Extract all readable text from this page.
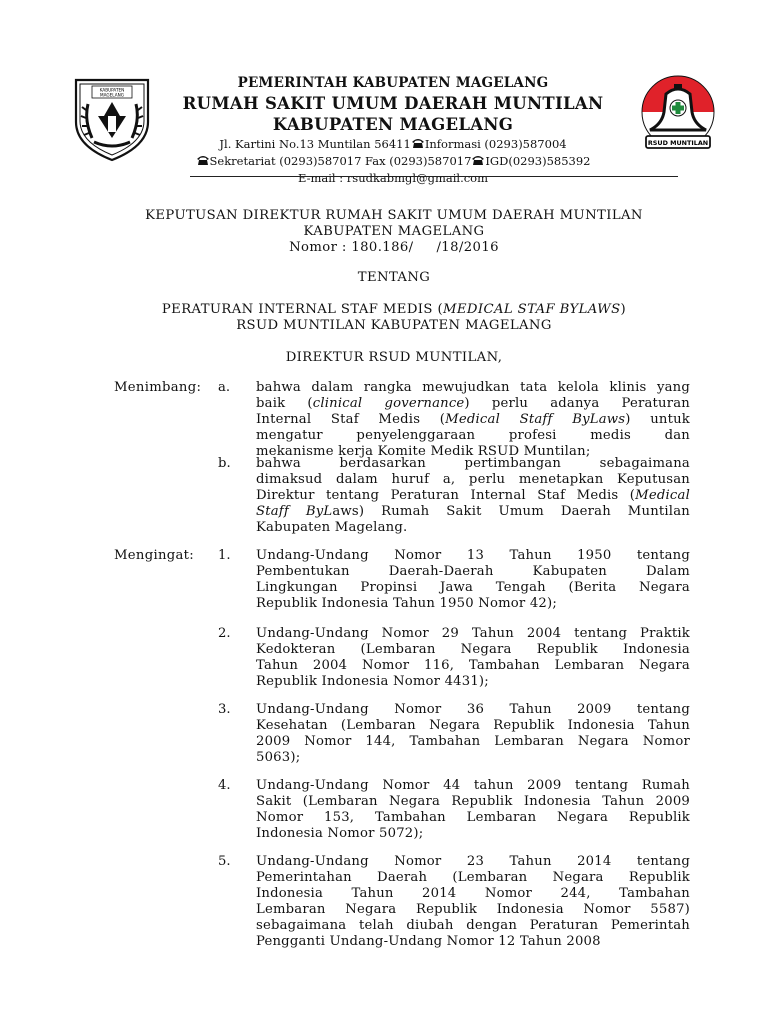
KABUPATEN
MAGELANG
PEMERINTAH KABUPATEN MAGELANG
RUMAH SAKIT UMUM DAERAH MUNTILAN
KABUPATEN MAGELANG
Jl. Kartini No.13 Muntilan 56411 Informasi (0293)587004
Sekretariat (0293)587017 Fax (0293)587017 IGD(0293)585392
E-mail : rsudkabmgl@gmail.com
RSUD MUNTILAN
KEPUTUSAN DIREKTUR RUMAH SAKIT UMUM DAERAH MUNTILAN
KABUPATEN MAGELANG
Nomor : 180.186/     /18/2016
TENTANG
PERATURAN INTERNAL STAF MEDIS (MEDICAL STAF BYLAWS)
RSUD MUNTILAN KABUPATEN MAGELANG
DIREKTUR RSUD MUNTILAN,
Menimbang: a. bahwa dalam rangka mewujudkan tata kelola klinis yang
baik (clinical governance) perlu adanya Peraturan
Internal Staf Medis (Medical Staff ByLaws) untuk
mengatur penyelenggaraan profesi medis dan
mekanisme kerja Komite Medik RSUD Muntilan;
b. bahwa berdasarkan pertimbangan sebagaimana
dimaksud dalam huruf a, perlu menetapkan Keputusan
Direktur tentang Peraturan Internal Staf Medis (Medical
Staff ByLaws) Rumah Sakit Umum Daerah Muntilan
Kabupaten Magelang.
Mengingat: 1. Undang-Undang Nomor 13 Tahun 1950 tentang
Pembentukan Daerah-Daerah Kabupaten Dalam
Lingkungan Propinsi Jawa Tengah (Berita Negara
Republik Indonesia Tahun 1950 Nomor 42);
2. Undang-Undang Nomor 29 Tahun 2004 tentang Praktik
Kedokteran (Lembaran Negara Republik Indonesia
Tahun 2004 Nomor 116, Tambahan Lembaran Negara
Republik Indonesia Nomor 4431);
3. Undang-Undang Nomor 36 Tahun 2009 tentang
Kesehatan (Lembaran Negara Republik Indonesia Tahun
2009 Nomor 144, Tambahan Lembaran Negara Nomor
5063);
4. Undang-Undang Nomor 44 tahun 2009 tentang Rumah
Sakit (Lembaran Negara Republik Indonesia Tahun 2009
Nomor 153, Tambahan Lembaran Negara Republik
Indonesia Nomor 5072);
5. Undang-Undang Nomor 23 Tahun 2014 tentang
Pemerintahan Daerah (Lembaran Negara Republik
Indonesia Tahun 2014 Nomor 244, Tambahan
Lembaran Negara Republik Indonesia Nomor 5587)
sebagaimana telah diubah dengan Peraturan Pemerintah
Pengganti Undang-Undang Nomor 12 Tahun 2008
